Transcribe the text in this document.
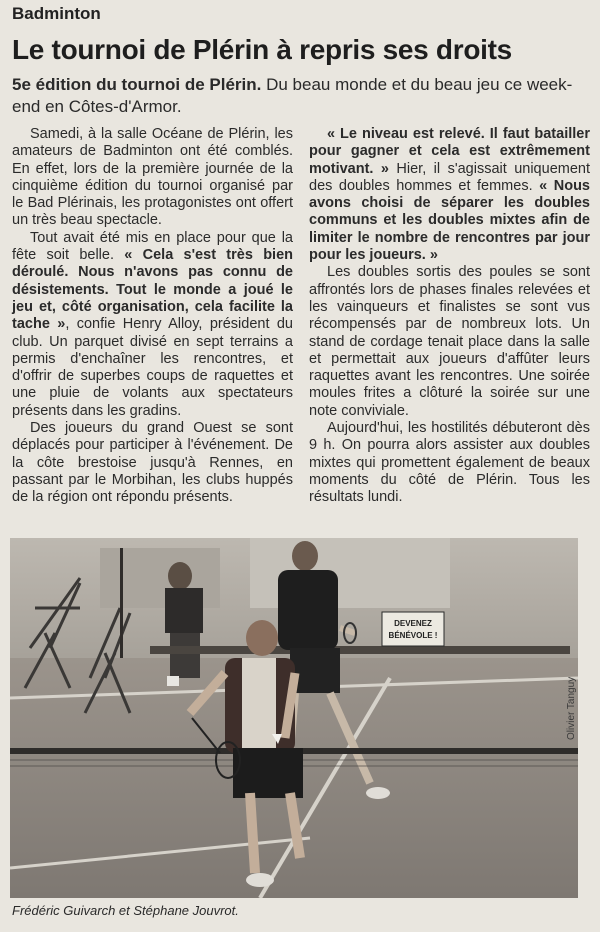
Badminton
Le tournoi de Plérin à repris ses droits
5e édition du tournoi de Plérin. Du beau monde et du beau jeu ce week-end en Côtes-d'Armor.

Samedi, à la salle Océane de Plérin, les amateurs de Badminton ont été comblés. En effet, lors de la première journée de la cinquième édition du tournoi organisé par le Bad Plérinais, les protagonistes ont offert un très beau spectacle.

Tout avait été mis en place pour que la fête soit belle. « Cela s'est très bien déroulé. Nous n'avons pas connu de désistements. Tout le monde a joué le jeu et, côté organisation, cela facilite la tache », confie Henry Alloy, président du club. Un parquet divisé en sept terrains a permis d'enchaîner les rencontres, et d'offrir de superbes coups de raquettes et une pluie de volants aux spectateurs présents dans les gradins.

Des joueurs du grand Ouest se sont déplacés pour participer à l'événement. De la côte brestoise jusqu'à Rennes, en passant par le Morbihan, les clubs huppés de la région ont répondu présents.

« Le niveau est relevé. Il faut batailler pour gagner et cela est extrêmement motivant. » Hier, il s'agissait uniquement des doubles hommes et femmes. « Nous avons choisi de séparer les doubles communs et les doubles mixtes afin de limiter le nombre de rencontres par jour pour les joueurs. »

Les doubles sortis des poules se sont affrontés lors de phases finales relevées et les vainqueurs et finalistes se sont vus récompensés par de nombreux lots. Un stand de cordage tenait place dans la salle et permettait aux joueurs d'affûter leurs raquettes avant les rencontres. Une soirée moules frites a clôturé la soirée sur une note conviviale.

Aujourd'hui, les hostilités débuteront dès 9 h. On pourra alors assister aux doubles mixtes qui promettent également de beaux moments du côté de Plérin. Tous les résultats lundi.

DEVENEZ
BÉNÉVOLE !
Olivier Tanguy
Frédéric Guivarch et Stéphane Jouvrot.
